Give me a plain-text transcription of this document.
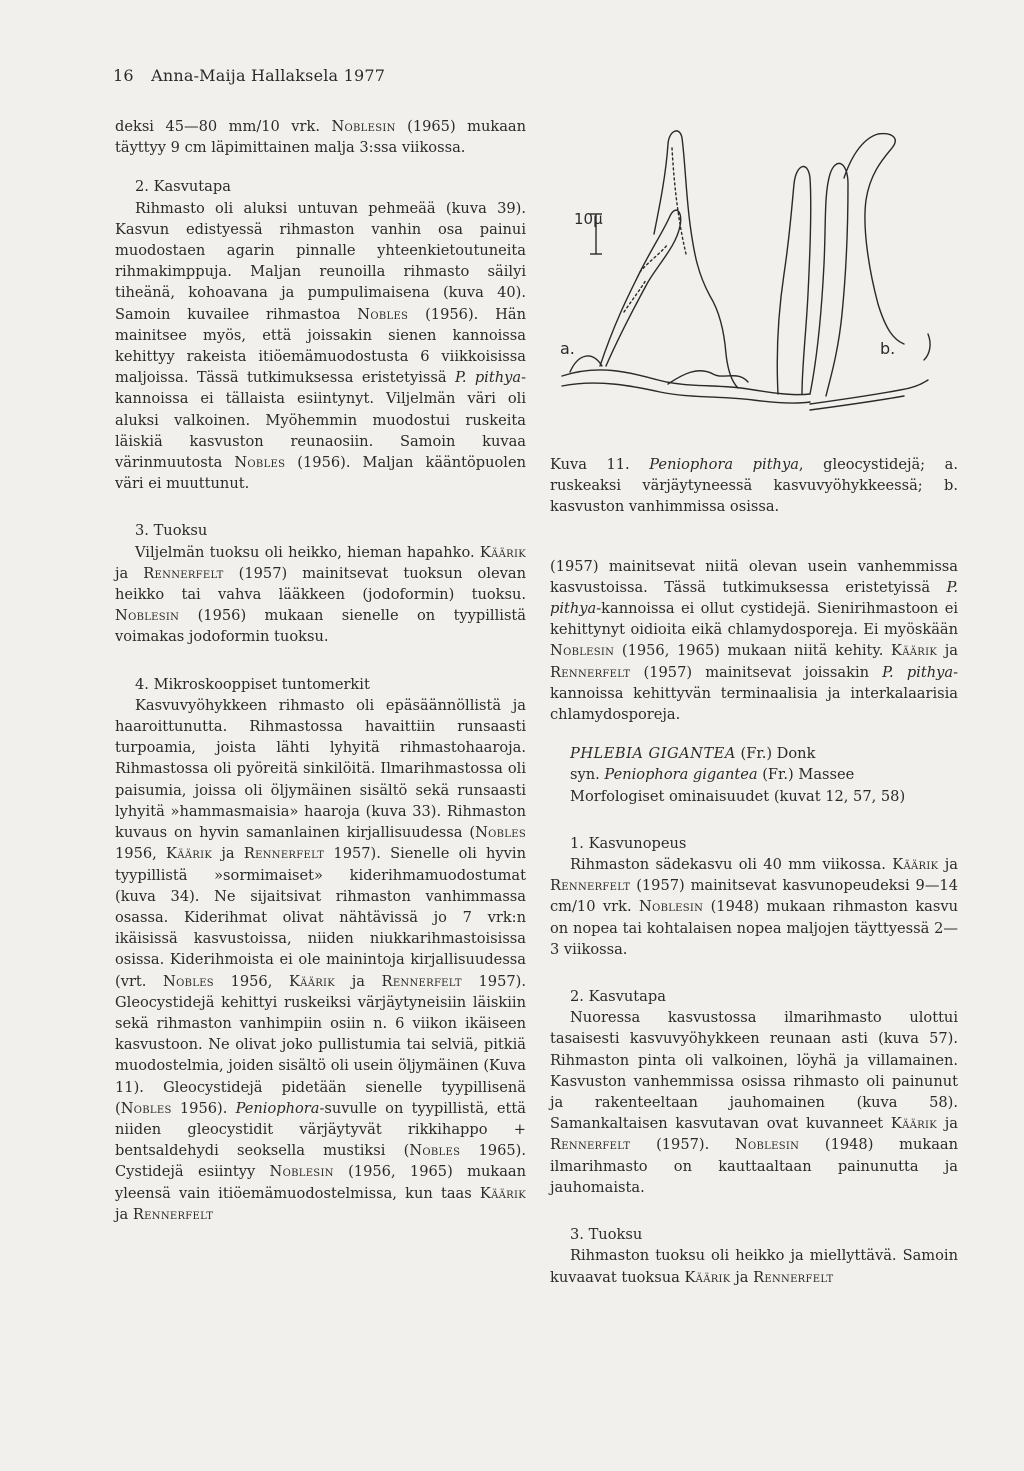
16 Anna-Maija Hallaksela 1977

deksi 45—80 mm/10 vrk. Noblesin (1965) mukaan täyttyy 9 cm läpimittainen malja 3:ssa viikossa.

2. Kasvutapa

Rihmasto oli aluksi untuvan pehmeää (kuva 39). Kasvun edistyessä rihmaston vanhin osa painui muodostaen agarin pinnalle yhteenkietoutuneita rihmakimppuja. Maljan reunoilla rihmasto säilyi tiheänä, kohoavana ja pumpulimaisena (kuva 40). Samoin kuvailee rihmastoa Nobles (1956). Hän mainitsee myös, että joissakin sienen kannoissa kehittyy rakeista itiöemämuodostusta 6 viikkoisissa maljoissa. Tässä tutkimuksessa eristetyissä P. pithya-kannoissa ei tällaista esiintynyt. Viljelmän väri oli aluksi valkoinen. Myöhemmin muodostui ruskeita läiskiä kasvuston reunaosiin. Samoin kuvaa värinmuutosta Nobles (1956). Maljan kääntöpuolen väri ei muuttunut.

3. Tuoksu

Viljelmän tuoksu oli heikko, hieman hapahko. Käärik ja Rennerfelt (1957) mainitsevat tuoksun olevan heikko tai vahva lääkkeen (jodoformin) tuoksu. Noblesin (1956) mukaan sienelle on tyypillistä voimakas jodoformin tuoksu.

4. Mikroskooppiset tuntomerkit

Kasvuvyöhykkeen rihmasto oli epäsäännöllistä ja haaroittunutta. Rihmastossa havaittiin runsaasti turpoamia, joista lähti lyhyitä rihmastohaaroja. Rihmastossa oli pyöreitä sinkilöitä. Ilmarihmastossa oli paisumia, joissa oli öljymäinen sisältö sekä runsaasti lyhyitä »hammasmaisia» haaroja (kuva 33). Rihmaston kuvaus on hyvin samanlainen kirjallisuudessa (Nobles 1956, Käärik ja Rennerfelt 1957). Sienelle oli hyvin tyypillistä »sormimaiset» kiderihmamuodostumat (kuva 34). Ne sijaitsivat rihmaston vanhimmassa osassa. Kiderihmat olivat nähtävissä jo 7 vrk:n ikäisissä kasvustoissa, niiden niukkarihmastoisissa osissa. Kiderihmoista ei ole mainintoja kirjallisuudessa (vrt. Nobles 1956, Käärik ja Rennerfelt 1957). Gleocystidejä kehittyi ruskeiksi värjäytyneisiin läiskiin sekä rihmaston vanhimpiin osiin n. 6 viikon ikäiseen kasvustoon. Ne olivat joko pullistumia tai selviä, pitkiä muodostelmia, joiden sisältö oli usein öljymäinen (Kuva 11). Gleocystidejä pidetään sienelle tyypillisenä (Nobles 1956). Peniophora-suvulle on tyypillistä, että niiden gleocystidit värjäytyvät rikkihappo + bentsaldehydi seoksella mustiksi (Nobles 1965). Cystidejä esiintyy Noblesin (1956, 1965) mukaan yleensä vain itiöemämuodostelmissa, kun taas Käärik ja Rennerfelt

10µ
a.	b.

Kuva 11. Peniophora pithya, gleocystidejä; a. ruskeaksi värjäytyneessä kasvuvyöhykkeessä; b. kasvuston vanhimmissa osissa.

(1957) mainitsevat niitä olevan usein vanhemmissa kasvustoissa. Tässä tutkimuksessa eristetyissä P. pithya-kannoissa ei ollut cystidejä. Sienirihmastoon ei kehittynyt oidioita eikä chlamydosporeja. Ei myöskään Noblesin (1956, 1965) mukaan niitä kehity. Käärik ja Rennerfelt (1957) mainitsevat joissakin P. pithya-kannoissa kehittyvän terminaalisia ja interkalaarisia chlamydosporeja.

PHLEBIA GIGANTEA (Fr.) Donk

syn. Peniophora gigantea (Fr.) Massee

Morfologiset ominaisuudet (kuvat 12, 57, 58)

1. Kasvunopeus

Rihmaston sädekasvu oli 40 mm viikossa. Käärik ja Rennerfelt (1957) mainitsevat kasvunopeudeksi 9—14 cm/10 vrk. Noblesin (1948) mukaan rihmaston kasvu on nopea tai kohtalaisen nopea maljojen täyttyessä 2—3 viikossa.

2. Kasvutapa

Nuoressa kasvustossa ilmarihmasto ulottui tasaisesti kasvuvyöhykkeen reunaan asti (kuva 57). Rihmaston pinta oli valkoinen, löyhä ja villamainen. Kasvuston vanhemmissa osissa rihmasto oli painunut ja rakenteeltaan jauhomainen (kuva 58). Samankaltaisen kasvutavan ovat kuvanneet Käärik ja Rennerfelt (1957). Noblesin (1948) mukaan ilmarihmasto on kauttaaltaan painunutta ja jauhomaista.

3. Tuoksu

Rihmaston tuoksu oli heikko ja miellyttävä. Samoin kuvaavat tuoksua Käärik ja Rennerfelt
